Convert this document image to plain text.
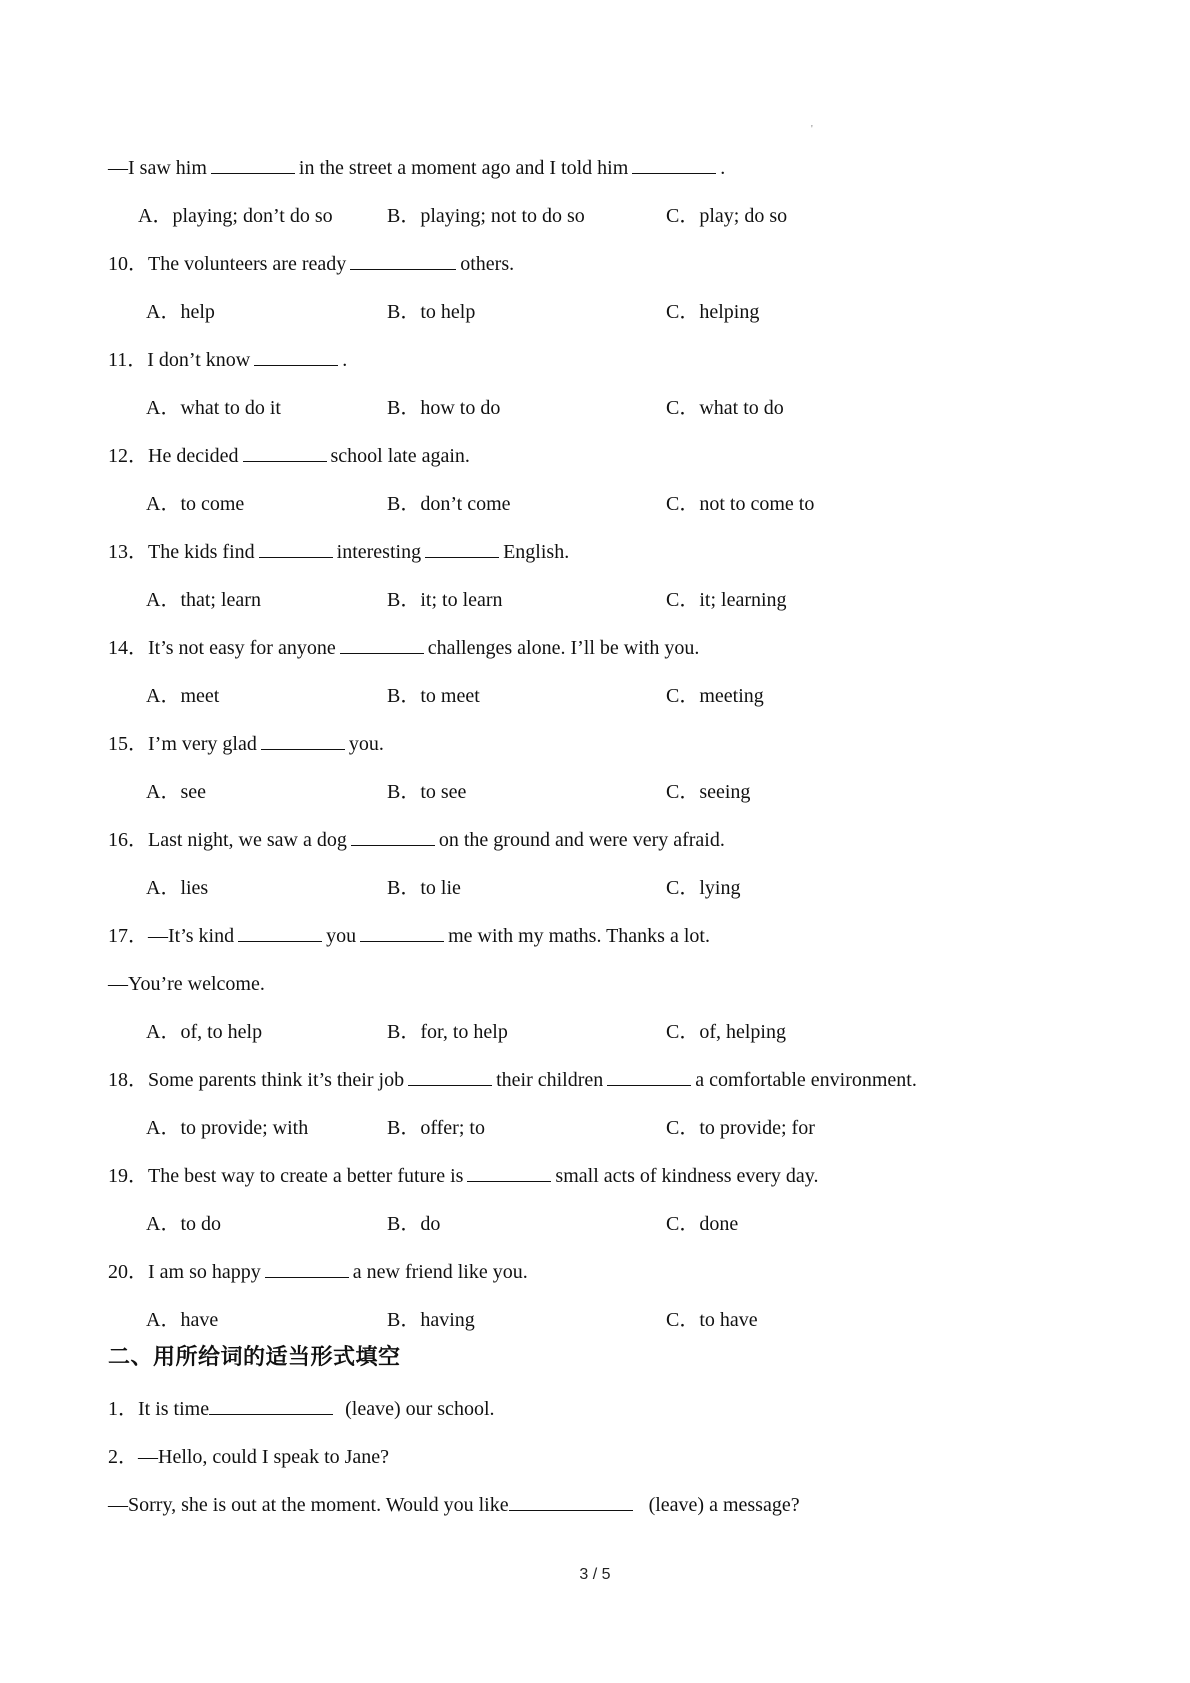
'
—I saw him	in the street a moment ago and I told him	.
A．playing; don’t do so	B．playing; not to do so	C．play; do so
10．The volunteers are ready	others.
A．help	B．to help	C．helping
11．I don’t know	.
A．what to do it	B．how to do	C．what to do
12．He decided	school late again.
A．to come	B．don’t come	C．not to come to
13．The kids find	interesting	English.
A．that; learn	B．it; to learn	C．it; learning
14．It’s not easy for anyone	challenges alone. I’ll be with you.
A．meet	B．to meet	C．meeting
15．I’m very glad	you.
A．see	B．to see	C．seeing
16．Last night, we saw a dog	on the ground and were very afraid.
A．lies	B．to lie	C．lying
17．—It’s kind	you	me with my maths. Thanks a lot.
—You’re welcome.
A．of, to help	B．for, to help	C．of, helping
18．Some parents think it’s their job	their children	a comfortable environment.
A．to provide; with	B．offer; to	C．to provide; for
19．The best way to create a better future is	small acts of kindness every day.
A．to do	B．do	C．done
20．I am so happy	a new friend like you.
A．have	B．having	C．to have
二、用所给词的适当形式填空
1．It is time	(leave) our school.
2．—Hello, could I speak to Jane?
—Sorry, she is out at the moment. Would you like	(leave) a message?
3 / 5
